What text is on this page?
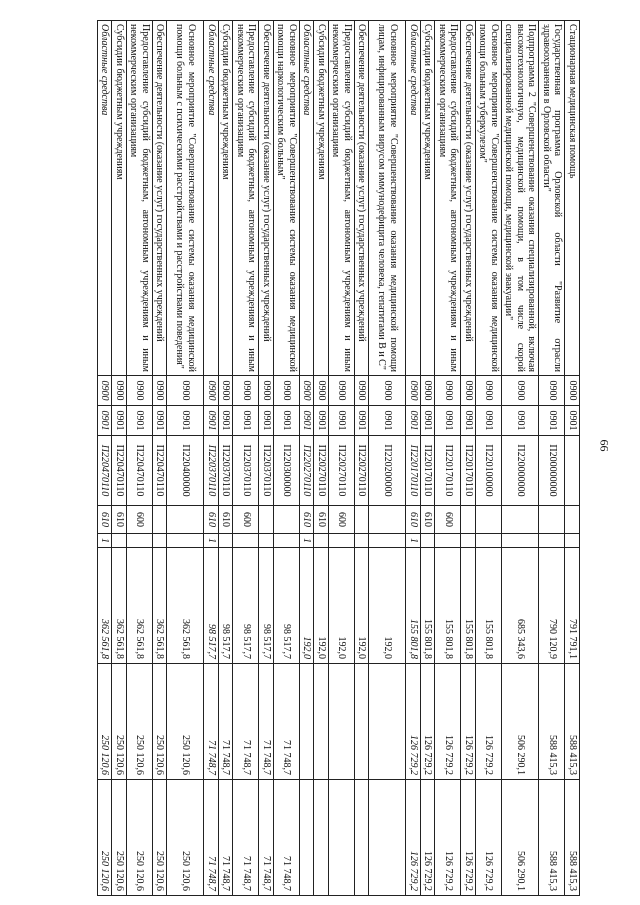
66
Стационарная медицинская помощь	0900	0901				791 791,1	588 415,3	588 415,3
Государственная программа Орловской области "Развитие отрасли здравоохранения в Орловской области"	0900	0901	П200000000			790 120,9	588 415,3	588 415,3
Подпрограмма 2 "Совершенствование оказания специализированной, включая высокотехнологичную, медицинской помощи, в том числе скорой специализированной медицинской помощи, медицинской эвакуации"	0900	0901	П220000000			685 343,6	506 290,1	506 290,1
Основное мероприятие "Совершенствование системы оказания медицинской помощи больным туберкулезом"	0900	0901	П220100000			155 801,8	126 729,2	126 729,2
Обеспечение деятельности (оказание услуг) государственных учреждений	0900	0901	П220170110			155 801,8	126 729,2	126 729,2
Предоставление субсидий бюджетным, автономным учреждениям и иным некоммерческим организациям	0900	0901	П220170110	600		155 801,8	126 729,2	126 729,2
Субсидии бюджетным учреждениям	0900	0901	П220170110	610		155 801,8	126 729,2	126 729,2
Областные средства	0900	0901	П220170110	610	1	155 801,8	126 729,2	126 729,2
Основное мероприятие "Совершенствование оказания медицинской помощи лицам, инфицированным вирусом иммунодефицита человека, гепатитами В и С"	0900	0901	П220200000			192,0		
Обеспечение деятельности (оказание услуг) государственных учреждений	0900	0901	П220270110			192,0		
Предоставление субсидий бюджетным, автономным учреждениям и иным некоммерческим организациям	0900	0901	П220270110	600		192,0		
Субсидии бюджетным учреждениям	0900	0901	П220270110	610		192,0		
Областные средства	0900	0901	П220270110	610	1	192,0		
Основное мероприятие "Совершенствование системы оказания медицинской помощи наркологическим больным"	0900	0901	П220300000			98 517,7	71 748,7	71 748,7
Обеспечение деятельности (оказание услуг) государственных учреждений	0900	0901	П220370110			98 517,7	71 748,7	71 748,7
Предоставление субсидий бюджетным, автономным учреждениям и иным некоммерческим организациям	0900	0901	П220370110	600		98 517,7	71 748,7	71 748,7
Субсидии бюджетным учреждениям	0900	0901	П220370110	610		98 517,7	71 748,7	71 748,7
Областные средства	0900	0901	П220370110	610	1	98 517,7	71 748,7	71 748,7
Основное мероприятие "Совершенствование системы оказания медицинской помощи больным с психическими расстройствами и расстройствами поведения"	0900	0901	П220400000			362 561,8	250 120,6	250 120,6
Обеспечение деятельности (оказание услуг) государственных учреждений	0900	0901	П220470110			362 561,8	250 120,6	250 120,6
Предоставление субсидий бюджетным, автономным учреждениям и иным некоммерческим организациям	0900	0901	П220470110	600		362 561,8	250 120,6	250 120,6
Субсидии бюджетным учреждениям	0900	0901	П220470110	610		362 561,8	250 120,6	250 120,6
Областные средства	0900	0901	П220470110	610	1	362 561,8	250 120,6	250 120,6
